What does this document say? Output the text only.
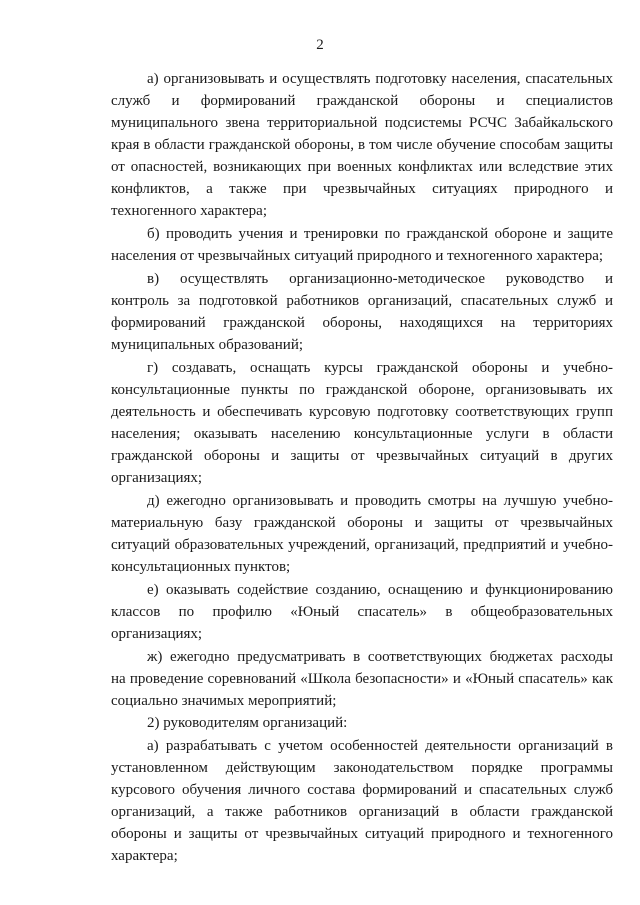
2
а) организовывать и осуществлять подготовку населения, спасательных
служб и формирований гражданской обороны и специалистов
муниципального звена территориальной подсистемы РСЧС Забайкальского
края в области гражданской обороны, в том числе обучение способам защиты
от опасностей, возникающих при военных конфликтах или вследствие этих
конфликтов, а также при чрезвычайных ситуациях природного и
техногенного характера;
б) проводить учения и тренировки по гражданской обороне и защите
населения от чрезвычайных ситуаций природного и техногенного характера;
в) осуществлять организационно-методическое руководство и
контроль за подготовкой работников организаций, спасательных служб и
формирований гражданской обороны, находящихся на территориях
муниципальных образований;
г) создавать, оснащать курсы гражданской обороны и учебно-
консультационные пункты по гражданской обороне, организовывать их
деятельность и обеспечивать курсовую подготовку соответствующих групп
населения; оказывать населению консультационные услуги в области
гражданской обороны и защиты от чрезвычайных ситуаций в других
организациях;
д) ежегодно организовывать и проводить смотры на лучшую учебно-
материальную базу гражданской обороны и защиты от чрезвычайных
ситуаций образовательных учреждений, организаций, предприятий и учебно-
консультационных пунктов;
е) оказывать содействие созданию, оснащению и функционированию
классов по профилю «Юный спасатель» в общеобразовательных
организациях;
ж) ежегодно предусматривать в соответствующих бюджетах расходы
на проведение соревнований «Школа безопасности» и «Юный спасатель» как
социально значимых мероприятий;
2) руководителям организаций:
а) разрабатывать с учетом особенностей деятельности организаций в
установленном действующим законодательством порядке программы
курсового обучения личного состава формирований и спасательных служб
организаций, а также работников организаций в области гражданской
обороны и защиты от чрезвычайных ситуаций природного и техногенного
характера;
